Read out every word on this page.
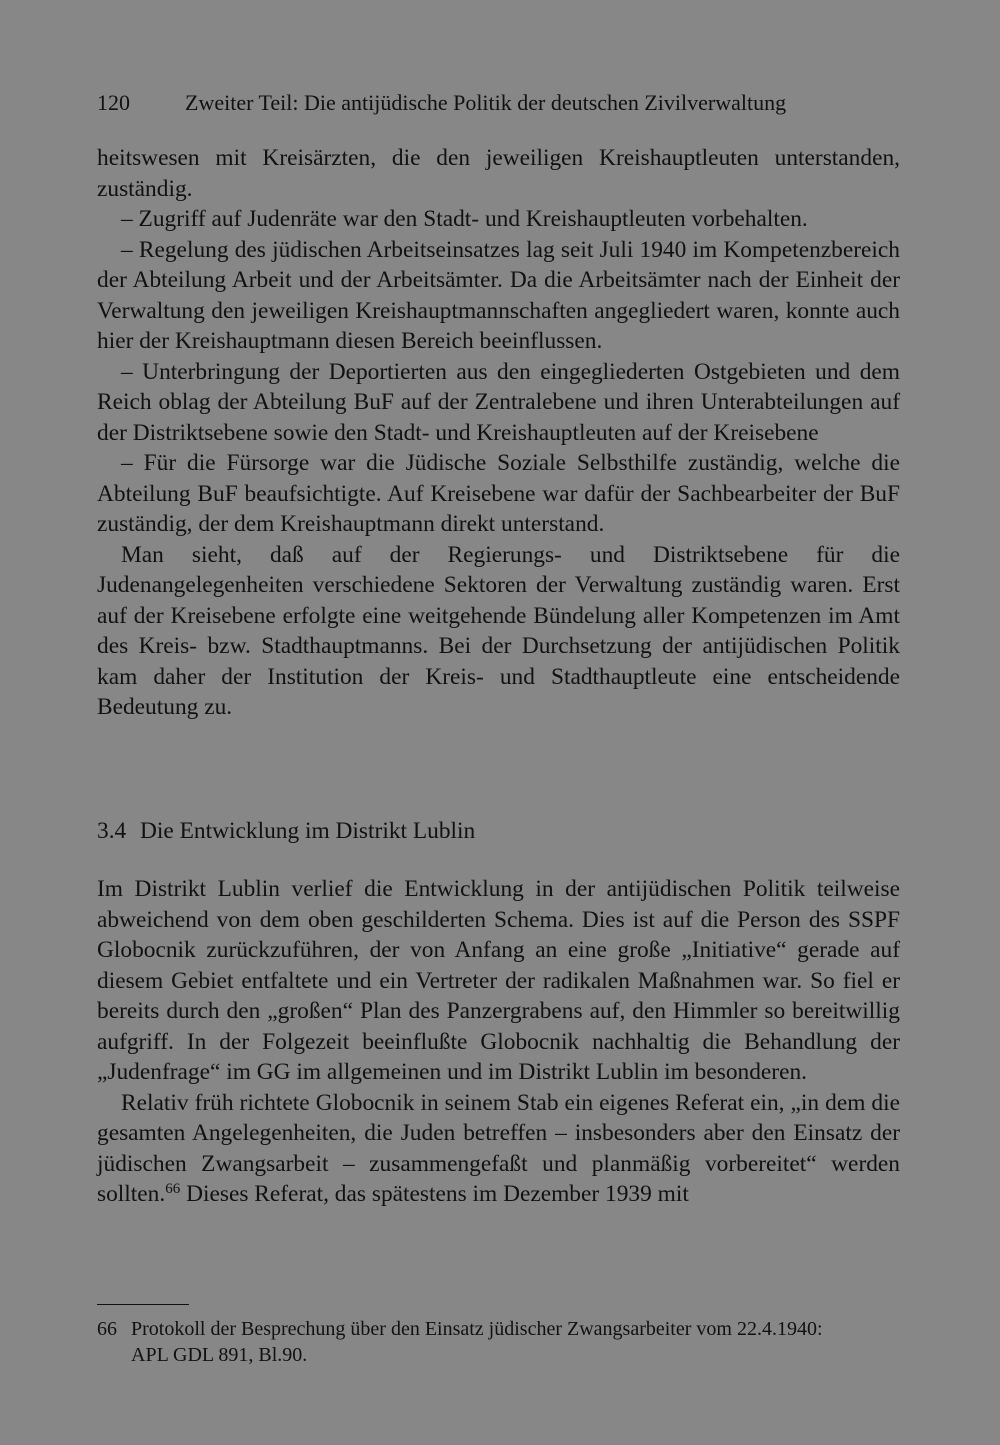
120	Zweiter Teil: Die antijüdische Politik der deutschen Zivilverwaltung

heitswesen mit Kreisärzten, die den jeweiligen Kreishauptleuten unterstanden, zuständig.

– Zugriff auf Judenräte war den Stadt- und Kreishauptleuten vorbehalten.

– Regelung des jüdischen Arbeitseinsatzes lag seit Juli 1940 im Kompetenzbereich der Abteilung Arbeit und der Arbeitsämter. Da die Arbeitsämter nach der Einheit der Verwaltung den jeweiligen Kreishauptmannschaften angegliedert waren, konnte auch hier der Kreishauptmann diesen Bereich beeinflussen.

– Unterbringung der Deportierten aus den eingegliederten Ostgebieten und dem Reich oblag der Abteilung BuF auf der Zentralebene und ihren Unterabteilungen auf der Distriktsebene sowie den Stadt- und Kreishauptleuten auf der Kreisebene

– Für die Fürsorge war die Jüdische Soziale Selbsthilfe zuständig, welche die Abteilung BuF beaufsichtigte. Auf Kreisebene war dafür der Sachbearbeiter der BuF zuständig, der dem Kreishauptmann direkt unterstand.

Man sieht, daß auf der Regierungs- und Distriktsebene für die Judenangelegenheiten verschiedene Sektoren der Verwaltung zuständig waren. Erst auf der Kreisebene erfolgte eine weitgehende Bündelung aller Kompetenzen im Amt des Kreis- bzw. Stadthauptmanns. Bei der Durchsetzung der antijüdischen Politik kam daher der Institution der Kreis- und Stadthauptleute eine entscheidende Bedeutung zu.

3.4 Die Entwicklung im Distrikt Lublin

Im Distrikt Lublin verlief die Entwicklung in der antijüdischen Politik teilweise abweichend von dem oben geschilderten Schema. Dies ist auf die Person des SSPF Globocnik zurückzuführen, der von Anfang an eine große „Initiative“ gerade auf diesem Gebiet entfaltete und ein Vertreter der radikalen Maßnahmen war. So fiel er bereits durch den „großen“ Plan des Panzergrabens auf, den Himmler so bereitwillig aufgriff. In der Folgezeit beeinflußte Globocnik nachhaltig die Behandlung der „Judenfrage“ im GG im allgemeinen und im Distrikt Lublin im besonderen.

Relativ früh richtete Globocnik in seinem Stab ein eigenes Referat ein, „in dem die gesamten Angelegenheiten, die Juden betreffen – insbesonders aber den Einsatz der jüdischen Zwangsarbeit – zusammengefaßt und planmäßig vorbereitet“ werden sollten.$^{66}$ Dieses Referat, das spätestens im Dezember 1939 mit

66 Protokoll der Besprechung über den Einsatz jüdischer Zwangsarbeiter vom 22.4.1940:
APL GDL 891, Bl.90.
